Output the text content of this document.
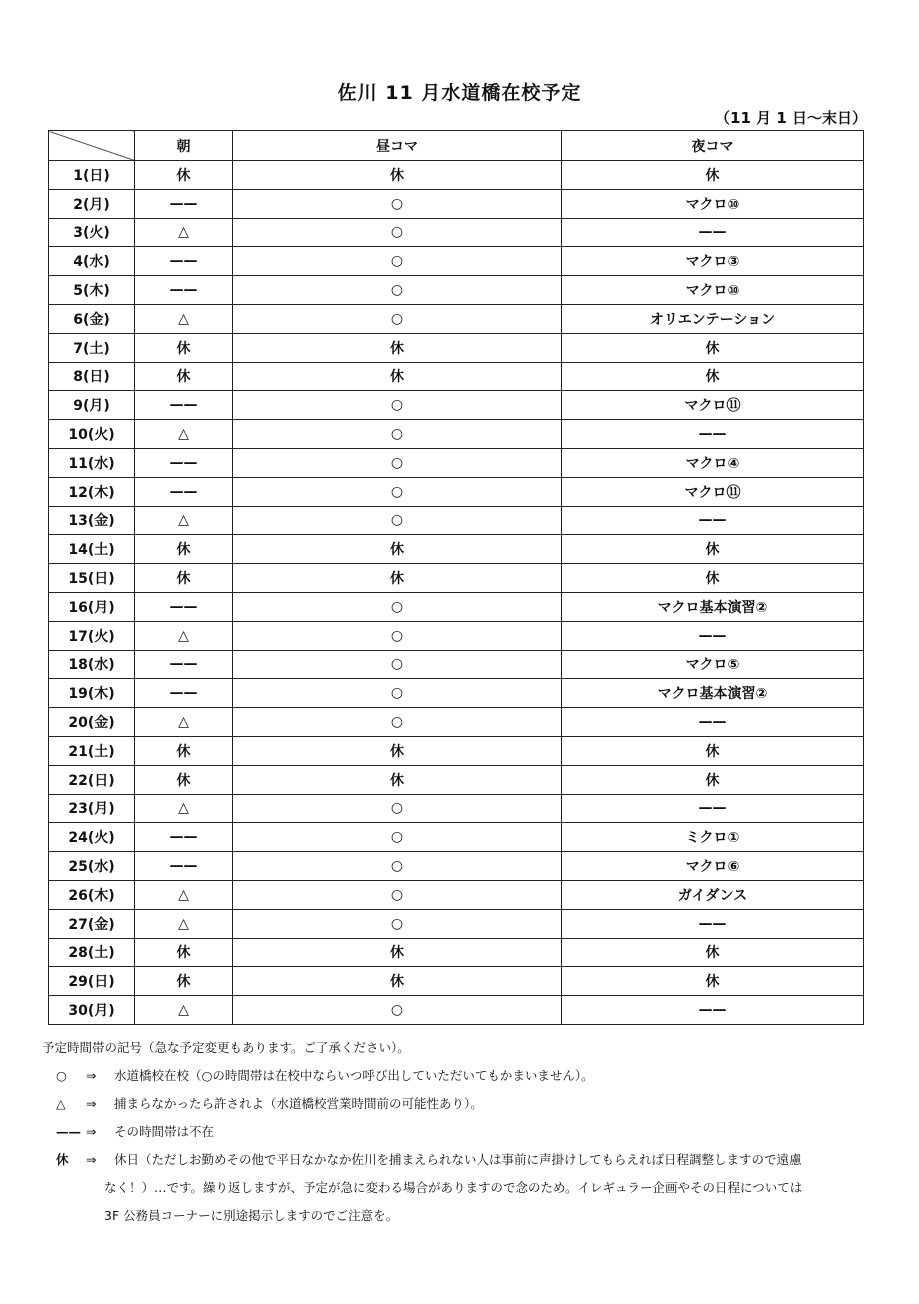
佐川 11 月水道橋在校予定
（11 月 1 日～末日）
	朝	昼コマ	夜コマ
1(日)	休	休	休
2(月)	——	○	マクロ⑩
3(火)	△	○	——
4(水)	——	○	マクロ③
5(木)	——	○	マクロ⑩
6(金)	△	○	オリエンテーション
7(土)	休	休	休
8(日)	休	休	休
9(月)	——	○	マクロ⑪
10(火)	△	○	——
11(水)	——	○	マクロ④
12(木)	——	○	マクロ⑪
13(金)	△	○	——
14(土)	休	休	休
15(日)	休	休	休
16(月)	——	○	マクロ基本演習②
17(火)	△	○	——
18(水)	——	○	マクロ⑤
19(木)	——	○	マクロ基本演習②
20(金)	△	○	——
21(土)	休	休	休
22(日)	休	休	休
23(月)	△	○	——
24(火)	——	○	ミクロ①
25(水)	——	○	マクロ⑥
26(木)	△	○	ガイダンス
27(金)	△	○	——
28(土)	休	休	休
29(日)	休	休	休
30(月)	△	○	——
予定時間帯の記号（急な予定変更もあります。ご了承ください）。
○	⇒	水道橋校在校（○の時間帯は在校中ならいつ呼び出していただいてもかまいません）。
△	⇒	捕まらなかったら許されよ（水道橋校営業時間前の可能性あり）。
—— ⇒	その時間帯は不在
休	⇒	休日（ただしお勤めその他で平日なかなか佐川を捕まえられない人は事前に声掛けしてもらえれば日程調整しますので遠慮
なく！）…です。繰り返しますが、予定が急に変わる場合がありますので念のため。イレギュラー企画やその日程については
3F 公務員コーナーに別途掲示しますのでご注意を。
